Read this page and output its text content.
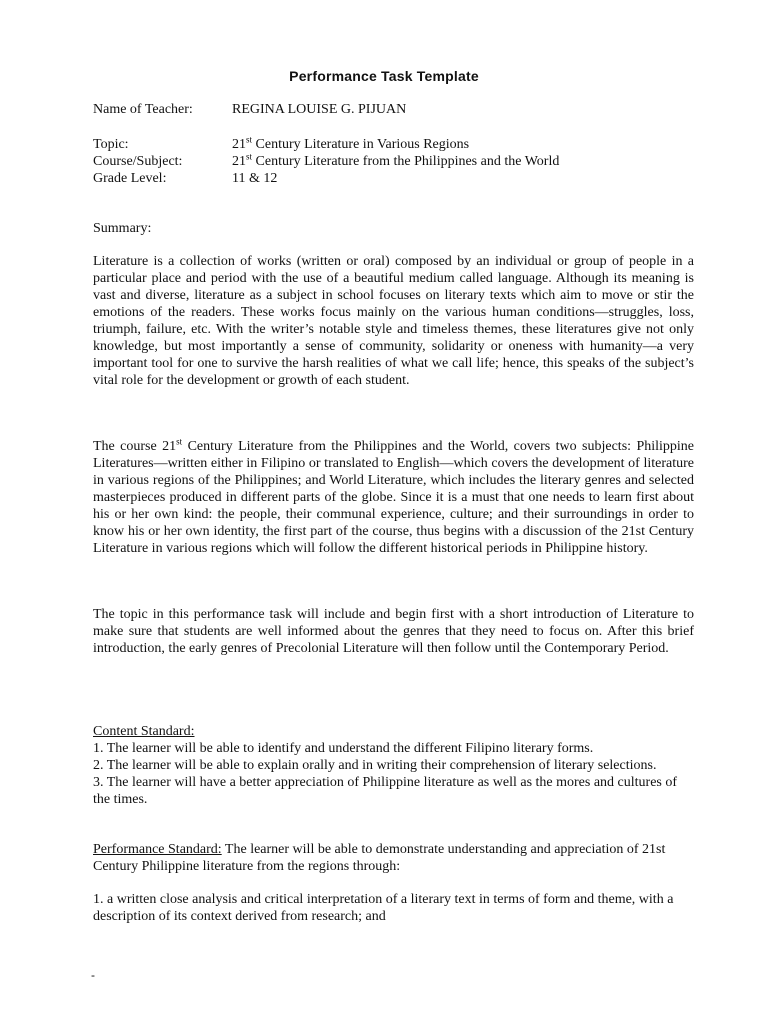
Performance Task Template
Name of Teacher:	REGINA LOUISE G. PIJUAN
Topic:	21st Century Literature in Various Regions
Course/Subject:	21st Century Literature from the Philippines and the World
Grade Level:	11 & 12
Summary:

Literature is a collection of works (written or oral) composed by an individual or group of people in a particular place and period with the use of a beautiful medium called language. Although its meaning is vast and diverse, literature as a subject in school focuses on literary texts which aim to move or stir the emotions of the readers. These works focus mainly on the various human conditions—struggles, loss, triumph, failure, etc. With the writer’s notable style and timeless themes, these literatures give not only knowledge, but most importantly a sense of community, solidarity or oneness with humanity—a very important tool for one to survive the harsh realities of what we call life; hence, this speaks of the subject’s vital role for the development or growth of each student.

The course 21st Century Literature from the Philippines and the World, covers two subjects: Philippine Literatures—written either in Filipino or translated to English—which covers the development of literature in various regions of the Philippines; and World Literature, which includes the literary genres and selected masterpieces produced in different parts of the globe. Since it is a must that one needs to learn first about his or her own kind: the people, their communal experience, culture; and their surroundings in order to know his or her own identity, the first part of the course, thus begins with a discussion of the 21st Century Literature in various regions which will follow the different historical periods in Philippine history.

The topic in this performance task will include and begin first with a short introduction of Literature to make sure that students are well informed about the genres that they need to focus on. After this brief introduction, the early genres of Precolonial Literature will then follow until the Contemporary Period.

Content Standard:

1. The learner will be able to identify and understand the different Filipino literary forms.

2. The learner will be able to explain orally and in writing their comprehension of literary selections.

3. The learner will have a better appreciation of Philippine literature as well as the mores and cultures of the times.

Performance Standard: The learner will be able to demonstrate understanding and appreciation of 21st Century Philippine literature from the regions through:

1. a written close analysis and critical interpretation of a literary text in terms of form and theme, with a description of its context derived from research; and

-
